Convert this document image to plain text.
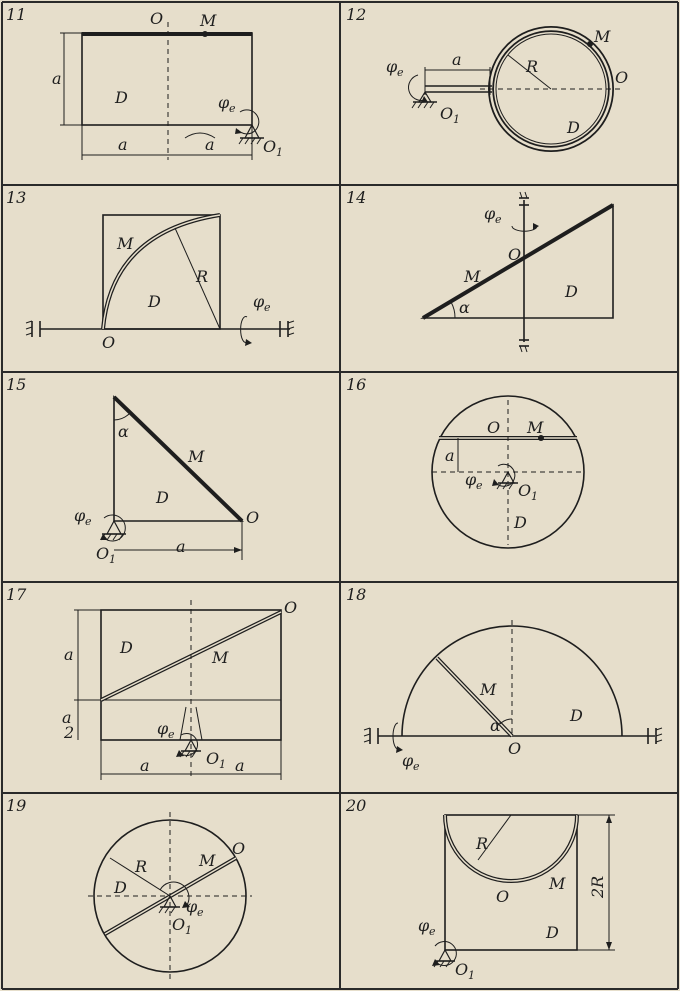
11	O M
D
a
a	a
φ e
O 1
12
a	R
M
O
D
φ e
O 1
13
R
M
D
O
φ e
14
φ e
O
M
D
α
15
α
M
D
O
a
φ e
O 1
16
O M
a
φ e O 1
D
17
O
M
D
a
a
2
a	a
φ e
O 1
18
M
α
O
D
φ e
19
R	M
O
D
φ e
O 1
20
R
O
M
D
2R
φ e
O 1
